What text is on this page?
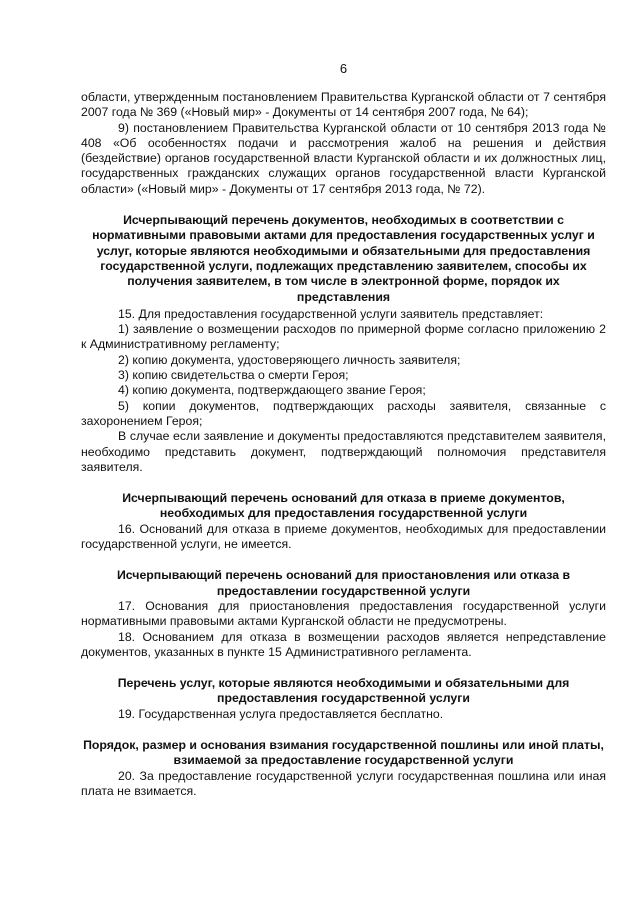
6

области, утвержденным постановлением Правительства Курганской области от 7 сентября 2007 года № 369 («Новый мир» - Документы от 14 сентября 2007 года, № 64);

9) постановлением Правительства Курганской области от 10 сентября 2013 года № 408 «Об особенностях подачи и рассмотрения жалоб на решения и действия (бездействие) органов государственной власти Курганской области и их должностных лиц, государственных гражданских служащих органов государственной власти Курганской области» («Новый мир» - Документы от 17 сентября 2013 года, № 72).

Исчерпывающий перечень документов, необходимых в соответствии с нормативными правовыми актами для предоставления государственных услуг и услуг, которые являются необходимыми и обязательными для предоставления государственной услуги, подлежащих представлению заявителем, способы их получения заявителем, в том числе в электронной форме, порядок их представления

15. Для предоставления государственной услуги заявитель представляет:

1) заявление о возмещении расходов по примерной форме согласно приложению 2 к Административному регламенту;

2) копию документа, удостоверяющего личность заявителя;

3) копию свидетельства о смерти Героя;

4) копию документа, подтверждающего звание Героя;

5) копии документов, подтверждающих расходы заявителя, связанные с захоронением Героя;

В случае если заявление и документы предоставляются представителем заявителя, необходимо представить документ, подтверждающий полномочия представителя заявителя.

Исчерпывающий перечень оснований для отказа в приеме документов, необходимых для предоставления государственной услуги

16. Оснований для отказа в приеме документов, необходимых для предоставлении государственной услуги, не имеется.

Исчерпывающий перечень оснований для приостановления или отказа в предоставлении государственной услуги

17. Основания для приостановления предоставления государственной услуги нормативными правовыми актами Курганской области не предусмотрены.

18. Основанием для отказа в возмещении расходов является непредставление документов, указанных в пункте 15 Административного регламента.

Перечень услуг, которые являются необходимыми и обязательными для предоставления государственной услуги

19. Государственная услуга предоставляется бесплатно.

Порядок, размер и основания взимания государственной пошлины или иной платы, взимаемой за предоставление государственной услуги

20. За предоставление государственной услуги государственная пошлина или иная плата не взимается.
